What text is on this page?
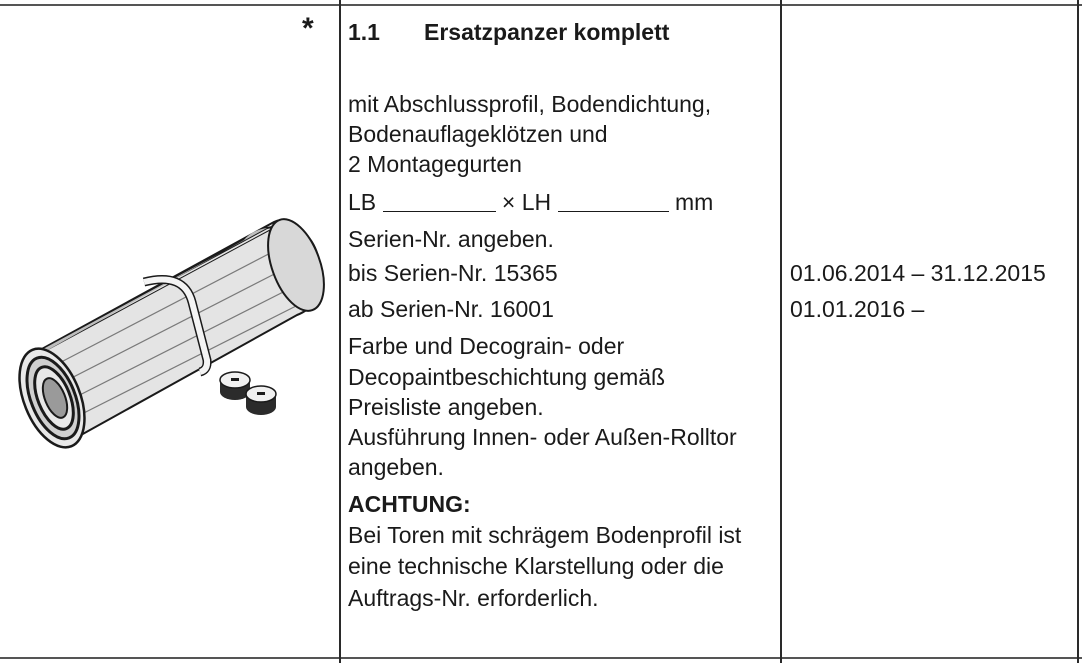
* 1.1 Ersatzpanzer komplett
mit Abschlussprofil, Bodendichtung,
Bodenauflageklötzen und
2 Montagegurten
LB	× LH	mm
Serien-Nr. angeben.
bis Serien-Nr. 15365
ab Serien-Nr. 16001
Farbe und Decograin- oder
Decopaintbeschichtung gemäß
Preisliste angeben.
Ausführung Innen- oder Außen-Rolltor
angeben.
ACHTUNG:
Bei Toren mit schrägem Bodenprofil ist
eine technische Klarstellung oder die
Auftrags-Nr. erforderlich.
01.06.2014 – 31.12.2015
01.01.2016 –
